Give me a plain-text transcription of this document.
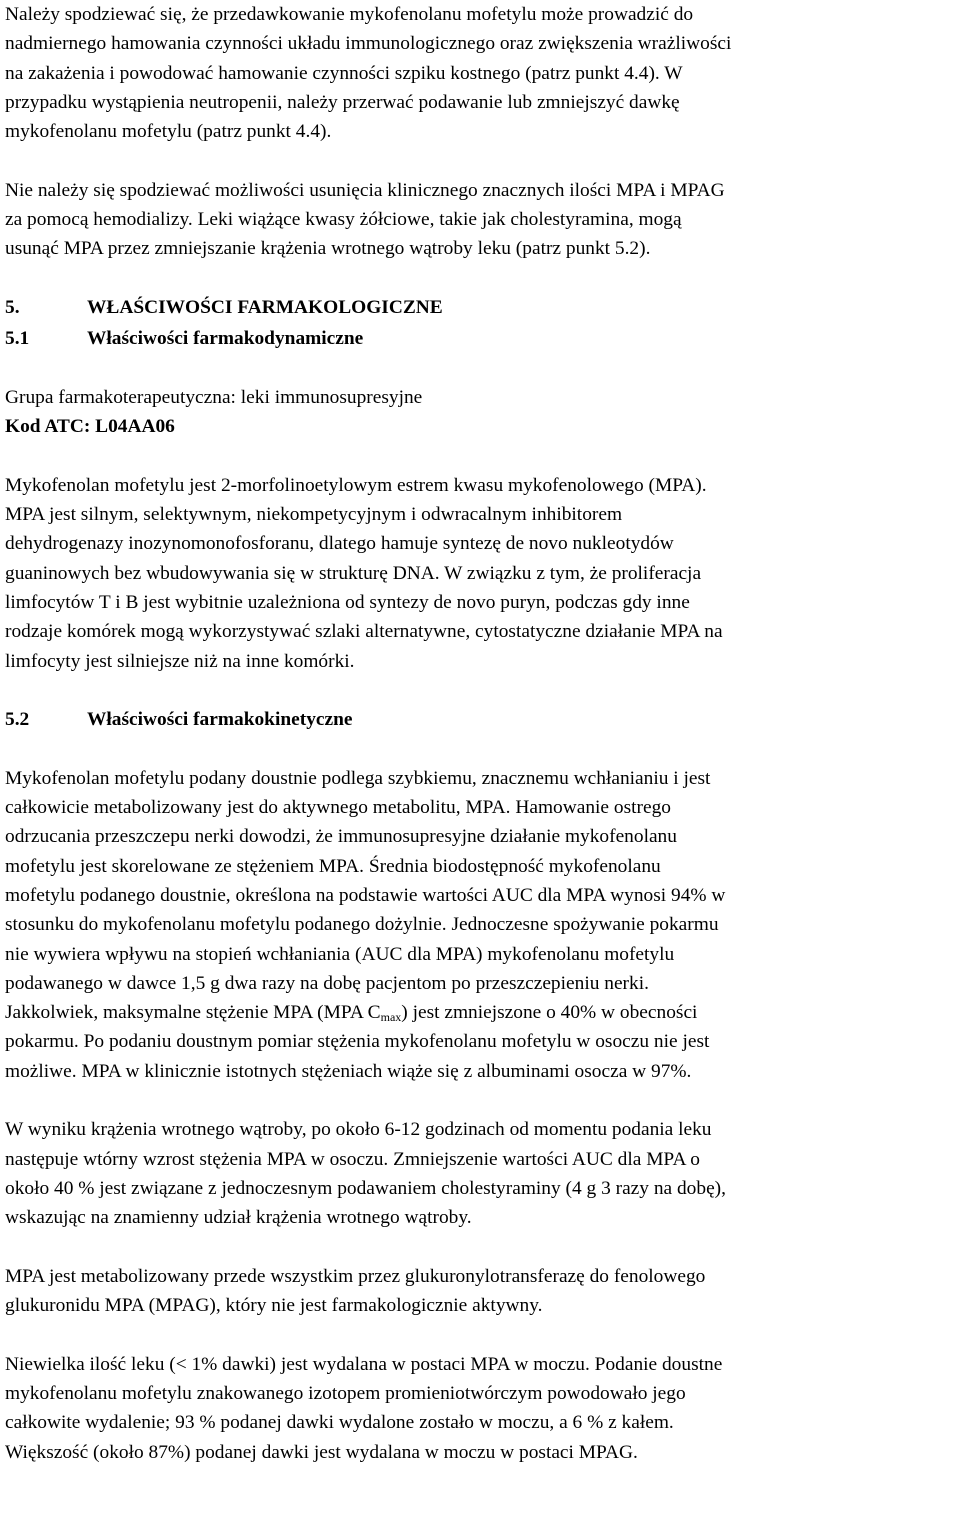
Należy spodziewać się, że przedawkowanie mykofenolanu mofetylu może prowadzić do
nadmiernego hamowania czynności układu immunologicznego oraz zwiększenia wrażliwości
na zakażenia i powodować hamowanie czynności szpiku kostnego (patrz punkt 4.4). W
przypadku wystąpienia neutropenii, należy przerwać podawanie lub zmniejszyć dawkę
mykofenolanu mofetylu (patrz punkt 4.4).
Nie należy się spodziewać możliwości usunięcia klinicznego znacznych ilości MPA i MPAG
za pomocą hemodializy. Leki wiążące kwasy żółciowe, takie jak cholestyramina, mogą
usunąć MPA przez zmniejszanie krążenia wrotnego wątroby leku (patrz punkt 5.2).
5.	WŁAŚCIWOŚCI FARMAKOLOGICZNE
5.1	Właściwości farmakodynamiczne
Grupa farmakoterapeutyczna: leki immunosupresyjne
Kod ATC: L04AA06
Mykofenolan mofetylu jest 2-morfolinoetylowym estrem kwasu mykofenolowego (MPA).
MPA jest silnym, selektywnym, niekompetycyjnym i odwracalnym inhibitorem
dehydrogenazy inozynomonofosforanu, dlatego hamuje syntezę de novo nukleotydów
guaninowych bez wbudowywania się w strukturę DNA. W związku z tym, że proliferacja
limfocytów T i B jest wybitnie uzależniona od syntezy de novo puryn, podczas gdy inne
rodzaje komórek mogą wykorzystywać szlaki alternatywne, cytostatyczne działanie MPA na
limfocyty jest silniejsze niż na inne komórki.
5.2	Właściwości farmakokinetyczne
Mykofenolan mofetylu podany doustnie podlega szybkiemu, znacznemu wchłanianiu i jest
całkowicie metabolizowany jest do aktywnego metabolitu, MPA. Hamowanie ostrego
odrzucania przeszczepu nerki dowodzi, że immunosupresyjne działanie mykofenolanu
mofetylu jest skorelowane ze stężeniem MPA. Średnia biodostępność mykofenolanu
mofetylu podanego doustnie, określona na podstawie wartości AUC dla MPA wynosi 94% w
stosunku do mykofenolanu mofetylu podanego dożylnie. Jednoczesne spożywanie pokarmu
nie wywiera wpływu na stopień wchłaniania (AUC dla MPA) mykofenolanu mofetylu
podawanego w dawce 1,5 g dwa razy na dobę pacjentom po przeszczepieniu nerki.
Jakkolwiek, maksymalne stężenie MPA (MPA $C_{max}$) jest zmniejszone o 40% w obecności
pokarmu. Po podaniu doustnym pomiar stężenia mykofenolanu mofetylu w osoczu nie jest
możliwe. MPA w klinicznie istotnych stężeniach wiąże się z albuminami osocza w 97%.
W wyniku krążenia wrotnego wątroby, po około 6-12 godzinach od momentu podania leku
następuje wtórny wzrost stężenia MPA w osoczu. Zmniejszenie wartości AUC dla MPA o
około 40 % jest związane z jednoczesnym podawaniem cholestyraminy (4 g 3 razy na dobę),
wskazując na znamienny udział krążenia wrotnego wątroby.
MPA jest metabolizowany przede wszystkim przez glukuronylotransferazę do fenolowego
glukuronidu MPA (MPAG), który nie jest farmakologicznie aktywny.
Niewielka ilość leku (< 1% dawki) jest wydalana w postaci MPA w moczu. Podanie doustne
mykofenolanu mofetylu znakowanego izotopem promieniotwórczym powodowało jego
całkowite wydalenie; 93 % podanej dawki wydalone zostało w moczu, a 6 % z kałem.
Większość (około 87%) podanej dawki jest wydalana w moczu w postaci MPAG.
